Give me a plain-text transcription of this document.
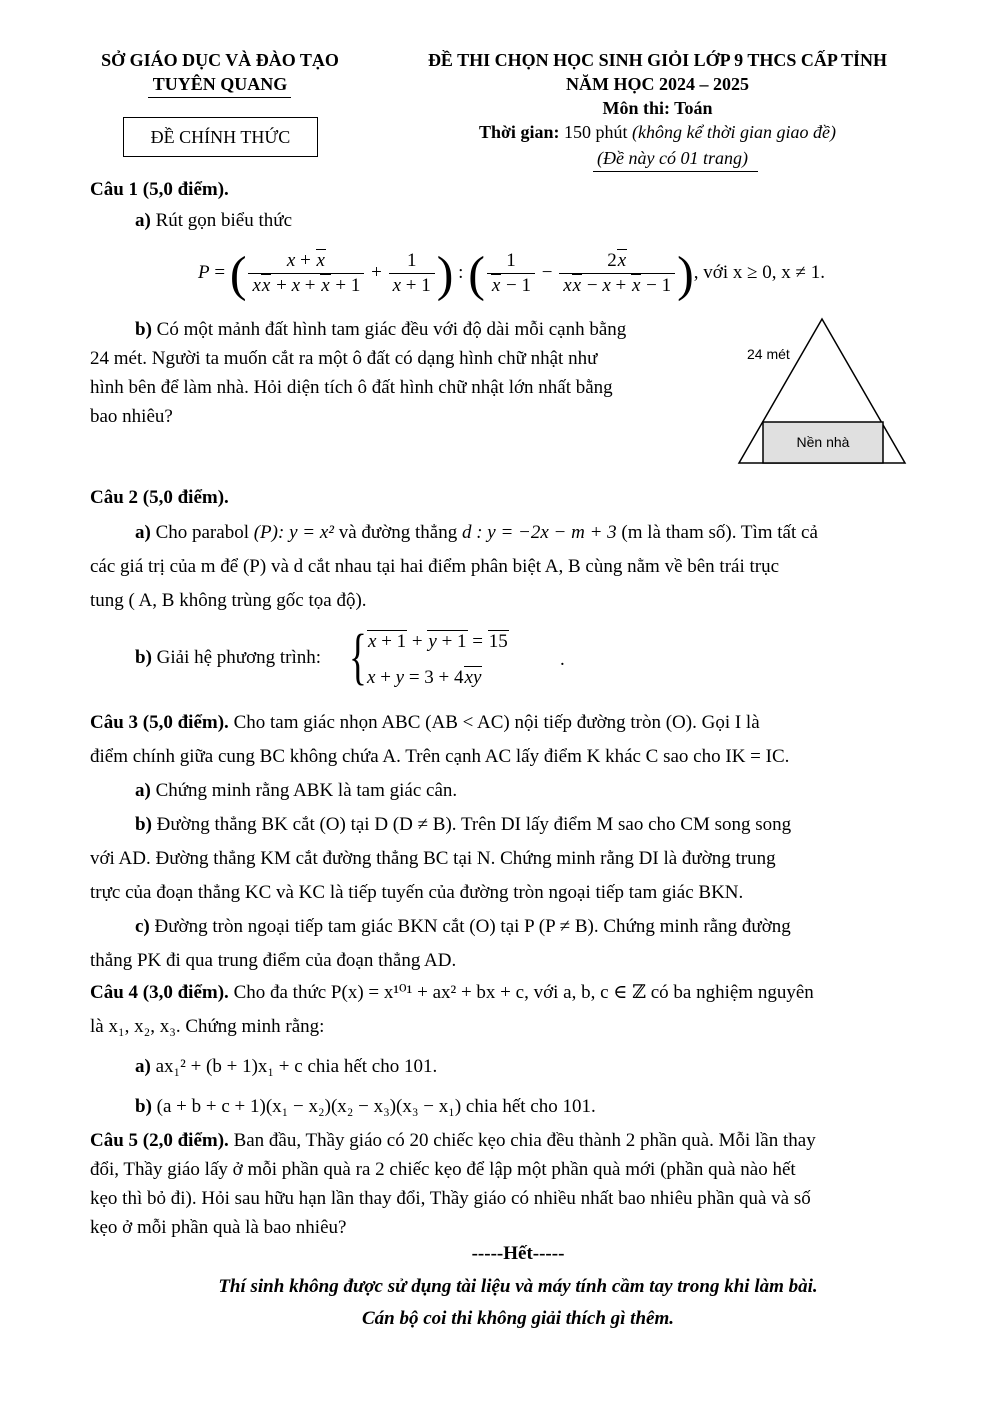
SỞ GIÁO DỤC VÀ ĐÀO TẠO
TUYÊN QUANG
ĐỀ CHÍNH THỨC
ĐỀ THI CHỌN HỌC SINH GIỎI LỚP 9 THCS CẤP TỈNH
NĂM HỌC 2024 – 2025
Môn thi: Toán
Thời gian: 150 phút (không kể thời gian giao đề)
(Đề này có 01 trang)
Câu 1 (5,0 điểm).
a) Rút gọn biểu thức
P = ( $\frac{x + x}{xx + x + x + 1} + \frac{1}{x + 1}$ ) : ( $\frac{1}{x - 1} - \frac{2x}{xx - x + x - 1}$ ), với x ≥ 0, x ≠ 1.
b) Có một mảnh đất hình tam giác đều với độ dài mỗi cạnh bằng
24 mét. Người ta muốn cắt ra một ô đất có dạng hình chữ nhật như
hình bên để làm nhà. Hỏi diện tích ô đất hình chữ nhật lớn nhất bằng
bao nhiêu?
24 mét
Nền nhà
Câu 2 (5,0 điểm).
a) Cho parabol (P): y = x² và đường thẳng d : y = −2x − m + 3 (m là tham số). Tìm tất cả
các giá trị của m để (P) và d cắt nhau tại hai điểm phân biệt A, B cùng nằm về bên trái trục
tung ( A, B không trùng gốc tọa độ).
b) Giải hệ phương trình: { x + 1 + y + 1 = 15
x + y = 3 + 4xy
.
Câu 3 (5,0 điểm). Cho tam giác nhọn ABC (AB < AC) nội tiếp đường tròn (O). Gọi I là
điểm chính giữa cung BC không chứa A. Trên cạnh AC lấy điểm K khác C sao cho IK = IC.
a) Chứng minh rằng ABK là tam giác cân.
b) Đường thẳng BK cắt (O) tại D (D ≠ B). Trên DI lấy điểm M sao cho CM song song
với AD. Đường thẳng KM cắt đường thẳng BC tại N. Chứng minh rằng DI là đường trung
trực của đoạn thẳng KC và KC là tiếp tuyến của đường tròn ngoại tiếp tam giác BKN.
c) Đường tròn ngoại tiếp tam giác BKN cắt (O) tại P (P ≠ B). Chứng minh rằng đường
thẳng PK đi qua trung điểm của đoạn thẳng AD.
Câu 4 (3,0 điểm). Cho đa thức P(x) = x¹⁰¹ + ax² + bx + c, với a, b, c ∈ ℤ có ba nghiệm nguyên
là x₁, x₂, x₃. Chứng minh rằng:
a) ax₁² + (b + 1)x₁ + c chia hết cho 101.
b) (a + b + c + 1)(x₁ − x₂)(x₂ − x₃)(x₃ − x₁) chia hết cho 101.
Câu 5 (2,0 điểm). Ban đầu, Thầy giáo có 20 chiếc kẹo chia đều thành 2 phần quà. Mỗi lần thay
đổi, Thầy giáo lấy ở mỗi phần quà ra 2 chiếc kẹo để lập một phần quà mới (phần quà nào hết
kẹo thì bỏ đi). Hỏi sau hữu hạn lần thay đổi, Thầy giáo có nhiều nhất bao nhiêu phần quà và số
kẹo ở mỗi phần quà là bao nhiêu?
-----Hết-----
Thí sinh không được sử dụng tài liệu và máy tính cầm tay trong khi làm bài.
Cán bộ coi thi không giải thích gì thêm.
